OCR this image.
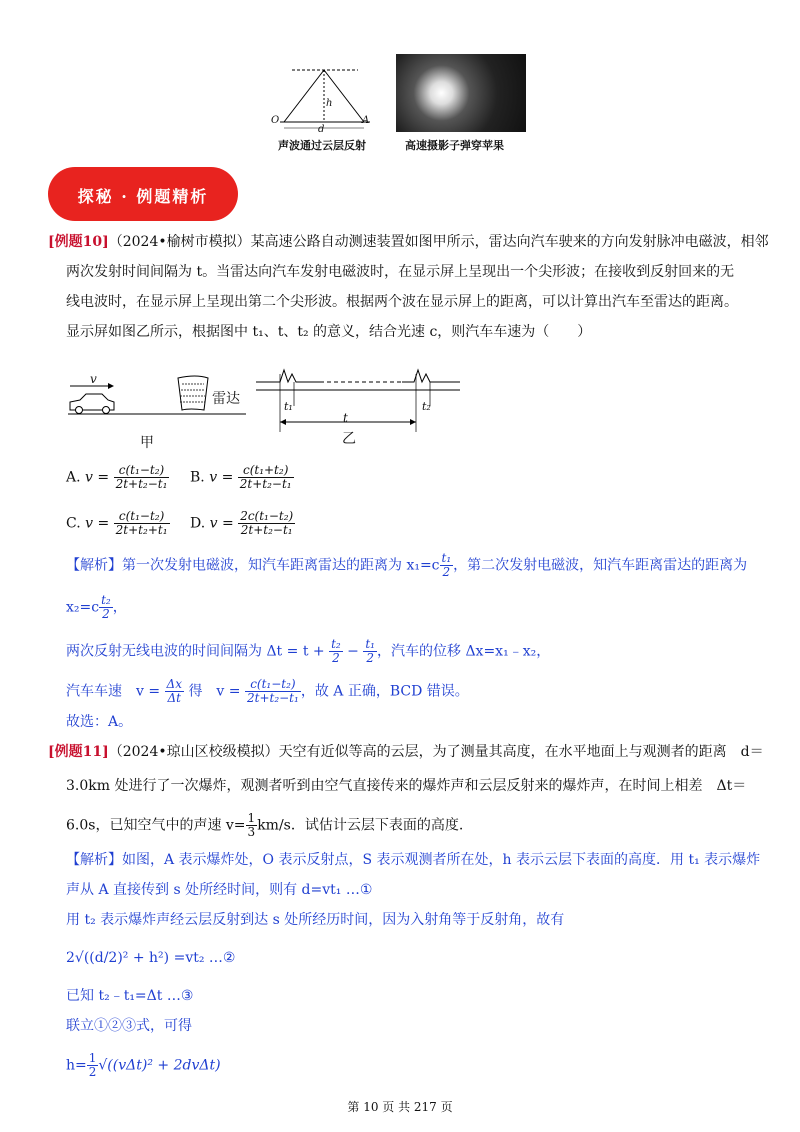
O	A
h
d
声波通过云层反射	高速摄影子弹穿苹果
探秘 · 例题精析
[例题10]（2024•榆树市模拟）某高速公路自动测速装置如图甲所示，雷达向汽车驶来的方向发射脉冲电磁波，相邻
两次发射时间间隔为 t。当雷达向汽车发射电磁波时，在显示屏上呈现出一个尖形波；在接收到反射回来的无
线电波时，在显示屏上呈现出第二个尖形波。根据两个波在显示屏上的距离，可以计算出汽车至雷达的距离。
显示屏如图乙所示，根据图中 t₁、t、t₂ 的意义，结合光速 c，则汽车车速为（　　）
v
雷达
甲
t₁
t
t₂
乙
A. $v = \frac{\text{c(t₁−t₂)}}{\text{2t+t₂−t₁}} B$. $v = \frac{\text{c(t₁+t₂)}}{\text{2t+t₂−t₁}}$
C. $v = \frac{\text{c(t₁−t₂)}}{\text{2t+t₂+t₁}} D$. $v = \frac{\text{2c(t₁−t₂)}}{\text{2t+t₂−t₁}}$
【解析】第一次发射电磁波，知汽车距离雷达的距离为 $x_1=c \frac{\text{t₁}}{2}$ ，第二次发射电磁波，知汽车距离雷达的距离为
$x_2=c \frac{\text{t₂}}{2}$ ，
两次反射无线电波的时间间隔为 $\Delta t = t + \frac{\text{t₂}}{2} - \frac{\text{t₁}}{2}$ ，汽车的位移 Δx=x₁﹣x₂，
汽车车速　$v = \frac{\Delta x}{\Delta t}$ 得　$v = \frac{\text{c(t₁−t₂)}}{\text{2t+t₂−t₁}}$ ，故 A 正确，BCD 错误。
故选：A。
[例题11]（2024•琼山区校级模拟）天空有近似等高的云层，为了测量其高度，在水平地面上与观测者的距离　d＝
3.0km 处进行了一次爆炸，观测者听到由空气直接传来的爆炸声和云层反射来的爆炸声，在时间上相差　Δt＝
6.0s，已知空气中的声速 $v= \frac{1}{3} km/s$．试估计云层下表面的高度.
【解析】如图，A 表示爆炸处，O 表示反射点，S 表示观测者所在处，h 表示云层下表面的高度．用 t₁ 表示爆炸
声从 A 直接传到 s 处所经时间，则有 d=vt₁ …①
用 t₂ 表示爆炸声经云层反射到达 s 处所经历时间，因为入射角等于反射角，故有
2√((d/2)² + h²) =vt₂ …②
已知 t₂﹣t₁=Δt …③
联立①②③式，可得
$h= \frac{1}{2} √((v\Delta t)^2 + 2dv\Delta t)$
第 10 页 共 217 页
